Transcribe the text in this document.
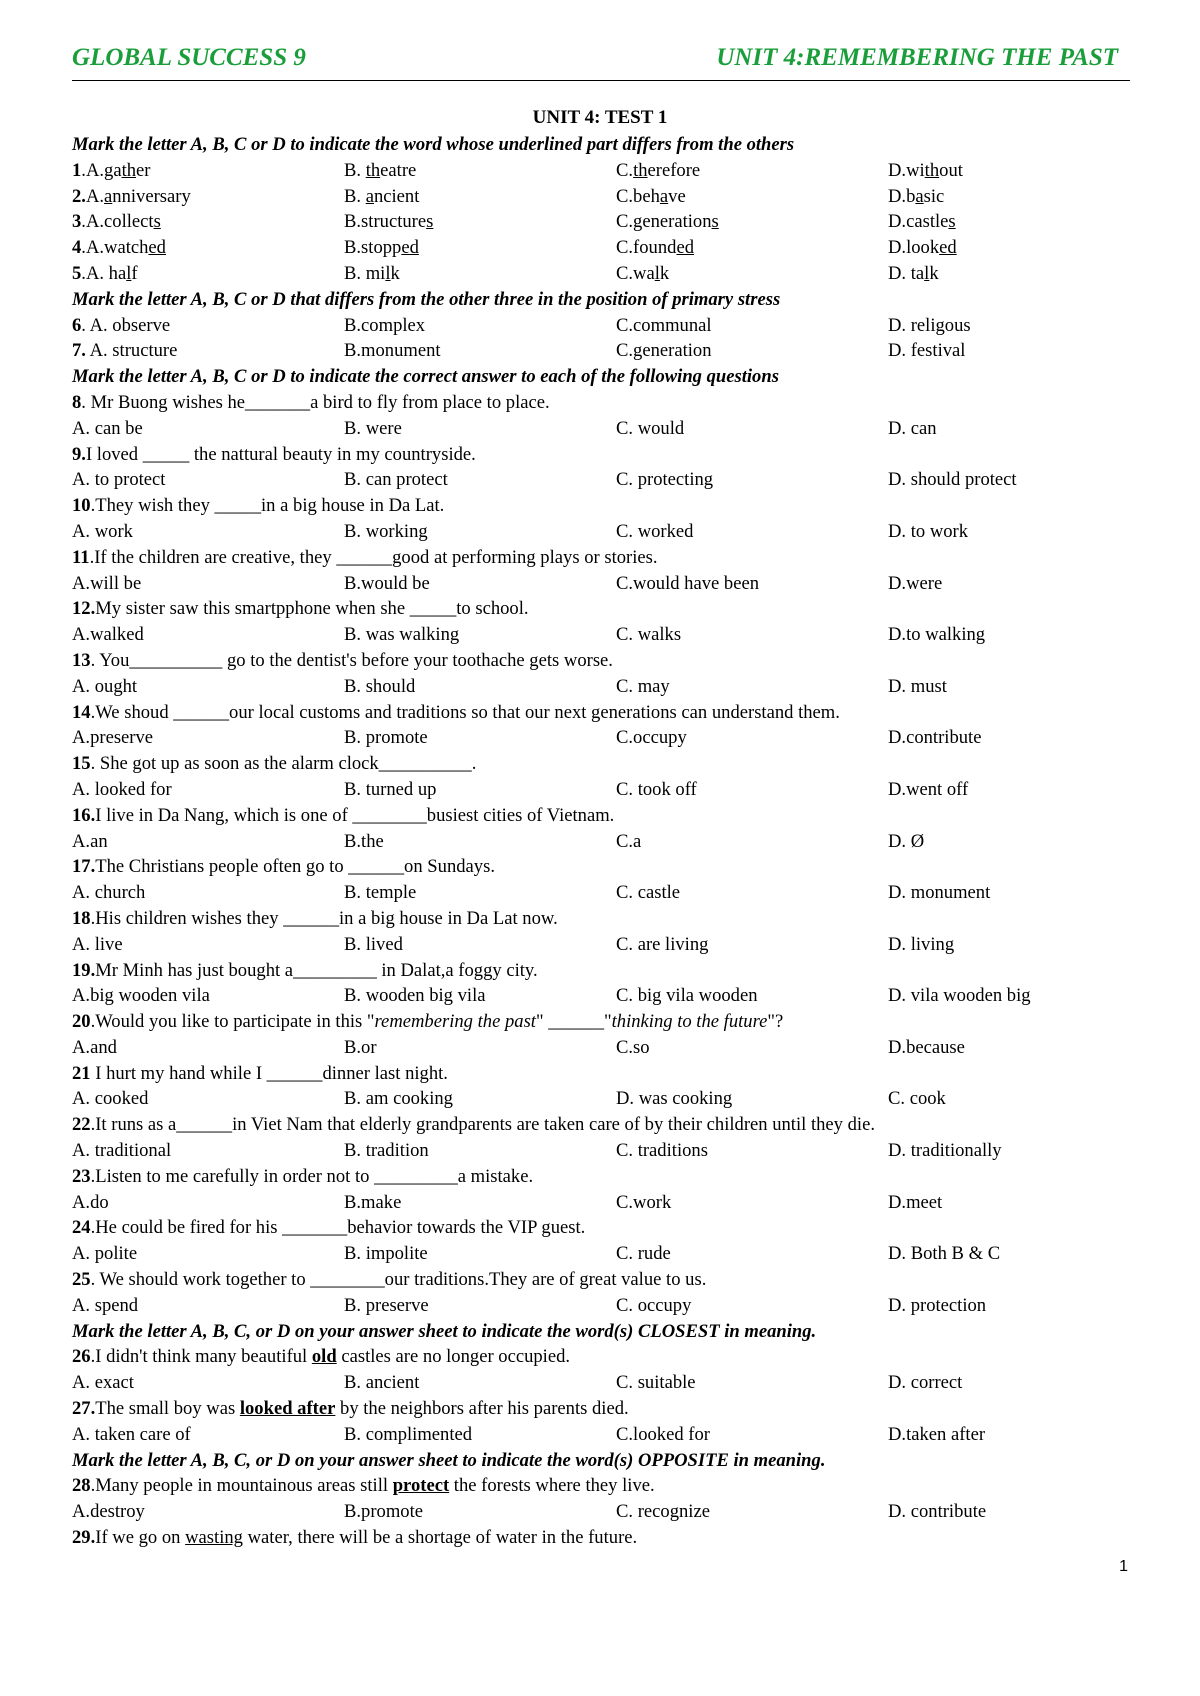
GLOBAL SUCCESS 9	UNIT 4:REMEMBERING THE PAST
UNIT 4: TEST 1
Mark the letter A, B, C or D to indicate the word whose underlined part differs from the others
1.A.gather	B. theatre	C.therefore	D.without
2.A.anniversary	B. ancient	C.behave	D.basic
3.A.collects	B.structures	C.generations	D.castles
4.A.watched	B.stopped	C.founded	D.looked
5.A. half	B. milk	C.walk	D. talk
Mark the letter A, B, C or D that differs from the other three in the position of primary stress
6. A. observe	B.complex	C.communal	D. religous
7. A. structure	B.monument	C.generation	D. festival
Mark the letter A, B, C or D to indicate the correct answer to each of the following questions
8. Mr Buong wishes he_______a bird to fly from place to place.
A. can be	B. were	C. would	D. can
9.I loved _____ the nattural beauty in my countryside.
A. to protect	B. can protect	C. protecting	D. should protect
10.They wish they _____in a big house in Da Lat.
A. work	B. working	C. worked	D. to work
11.If the children are creative, they ______good at performing plays or stories.
A.will be	B.would be	C.would have been	D.were
12.My sister saw this smartpphone when she _____to school.
A.walked	B. was walking	C. walks	D.to walking
13. You__________ go to the dentist's before your toothache gets worse.
A. ought	B. should	C. may	D. must
14.We shoud ______our local customs and traditions so that our next generations can understand them.
A.preserve	B. promote	C.occupy	D.contribute
15. She got up as soon as the alarm clock__________.
A. looked for	B. turned up	C. took off	D.went off
16.I live in Da Nang, which is one of ________busiest cities of Vietnam.
A.an	B.the	C.a	D. Ø
17.The Christians people often go to ______on Sundays.
A. church	B. temple	C. castle	D. monument
18.His children wishes they ______in a big house in Da Lat now.
A. live	B. lived	C. are living	D. living
19.Mr Minh has just bought a_________ in Dalat,a foggy city.
A.big wooden vila	B. wooden big vila	C. big vila wooden	D. vila wooden big
20.Would you like to participate in this "remembering the past" ______"thinking to the future"?
A.and	B.or	C.so	D.because
21 I hurt my hand while I ______dinner last night.
A. cooked	B. am cooking	D. was cooking	C. cook
22.It runs as a______in Viet Nam that elderly grandparents are taken care of by their children until they die.
A. traditional	B. tradition	C. traditions	D. traditionally
23.Listen to me carefully in order not to _________a mistake.
A.do	B.make	C.work	D.meet
24.He could be fired for his _______behavior towards the VIP guest.
A. polite	B. impolite	C. rude	D. Both B & C
25. We should work together to ________our traditions.They are of great value to us.
A. spend	B. preserve	C. occupy	D. protection
Mark the letter A, B, C, or D on your answer sheet to indicate the word(s) CLOSEST in meaning.
26.I didn't think many beautiful old castles are no longer occupied.
A. exact	B. ancient	C. suitable	D. correct
27.The small boy was looked after by the neighbors after his parents died.
A. taken care of	B. complimented	C.looked for	D.taken after
Mark the letter A, B, C, or D on your answer sheet to indicate the word(s) OPPOSITE in meaning.
28.Many people in mountainous areas still protect the forests where they live.
A.destroy	B.promote	C. recognize	D. contribute
29.If we go on wasting water, there will be a shortage of water in the future.
1
